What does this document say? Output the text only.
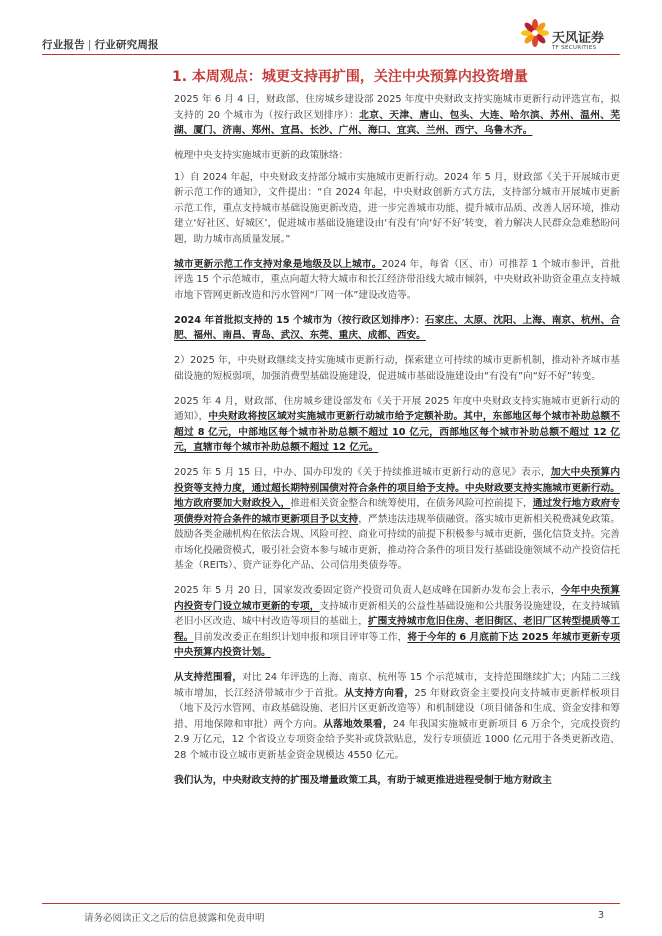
行业报告 | 行业研究周报	天风证券
TF SECURITIES
1. 本周观点：城更支持再扩围，关注中央预算内投资增量

2025 年 6 月 4 日，财政部、住房城乡建设部 2025 年度中央财政支持实施城市更新行动评选宣布，拟支持的 20 个城市为（按行政区划排序）：北京、天津、唐山、包头、大连、哈尔滨、苏州、温州、芜湖、厦门、济南、郑州、宜昌、长沙、广州、海口、宜宾、兰州、西宁、乌鲁木齐。

梳理中央支持实施城市更新的政策脉络：

1）自 2024 年起，中央财政支持部分城市实施城市更新行动。2024 年 5 月，财政部《关于开展城市更新示范工作的通知》，文件提出：“自 2024 年起，中央财政创新方式方法，支持部分城市开展城市更新示范工作，重点支持城市基础设施更新改造，进一步完善城市功能、提升城市品质、改善人居环境，推动建立‘好社区、好城区’，促进城市基础设施建设由‘有没有’向‘好不好’转变，着力解决人民群众急难愁盼问题，助力城市高质量发展。”

城市更新示范工作支持对象是地级及以上城市。2024 年，每省（区、市）可推荐 1 个城市参评，首批评选 15 个示范城市，重点向超大特大城市和长江经济带沿线大城市倾斜，中央财政补助资金重点支持城市地下管网更新改造和污水管网“厂网一体”建设改造等。

2024 年首批拟支持的 15 个城市为（按行政区划排序）：石家庄、太原、沈阳、上海、南京、杭州、合肥、福州、南昌、青岛、武汉、东莞、重庆、成都、西安。

2）2025 年，中央财政继续支持实施城市更新行动，探索建立可持续的城市更新机制，推动补齐城市基础设施的短板弱项，加强消费型基础设施建设，促进城市基础设施建设由“有没有”向“好不好”转变。

2025 年 4 月，财政部、住房城乡建设部发布《关于开展 2025 年度中央财政支持实施城市更新行动的通知》，中央财政将按区域对实施城市更新行动城市给予定额补助。其中，东部地区每个城市补助总额不超过 8 亿元，中部地区每个城市补助总额不超过 10 亿元，西部地区每个城市补助总额不超过 12 亿元，直辖市每个城市补助总额不超过 12 亿元。

2025 年 5 月 15 日，中办、国办印发的《关于持续推进城市更新行动的意见》表示，加大中央预算内投资等支持力度，通过超长期特别国债对符合条件的项目给予支持。中央财政要支持实施城市更新行动。地方政府要加大财政投入，推进相关资金整合和统筹使用，在债务风险可控前提下，通过发行地方政府专项债券对符合条件的城市更新项目予以支持，严禁违法违规举债融资。落实城市更新相关税费减免政策。鼓励各类金融机构在依法合规、风险可控、商业可持续的前提下积极参与城市更新，强化信贷支持。完善市场化投融资模式，吸引社会资本参与城市更新，推动符合条件的项目发行基础设施领域不动产投资信托基金（REITs）、资产证券化产品、公司信用类债券等。

2025 年 5 月 20 日，国家发改委固定资产投资司负责人赵成峰在国新办发布会上表示，今年中央预算内投资专门设立城市更新的专项，支持城市更新相关的公益性基础设施和公共服务设施建设，在支持城镇老旧小区改造、城中村改造等项目的基础上，扩围支持城市危旧住房、老旧街区、老旧厂区转型提质等工程。目前发改委正在组织计划申报和项目评审等工作，将于今年的 6 月底前下达 2025 年城市更新专项中央预算内投资计划。

从支持范围看，对比 24 年评选的上海、南京、杭州等 15 个示范城市，支持范围继续扩大；内陆二三线城市增加，长江经济带城市少于首批。从支持方向看，25 年财政资金主要投向支持城市更新样板项目（地下及污水管网、市政基础设施、老旧片区更新改造等）和机制建设（项目储备和生成、资金安排和筹措、用地保障和审批）两个方向。从落地效果看，24 年我国实施城市更新项目 6 万余个，完成投资约 2.9 万亿元，12 个省设立专项资金给予奖补或贷款贴息，发行专项债近 1000 亿元用于各类更新改造、28 个城市设立城市更新基金资金规模达 4550 亿元。

我们认为，中央财政支持的扩围及增量政策工具，有助于城更推进进程受制于地方财政主

请务必阅读正文之后的信息披露和免责申明	3
